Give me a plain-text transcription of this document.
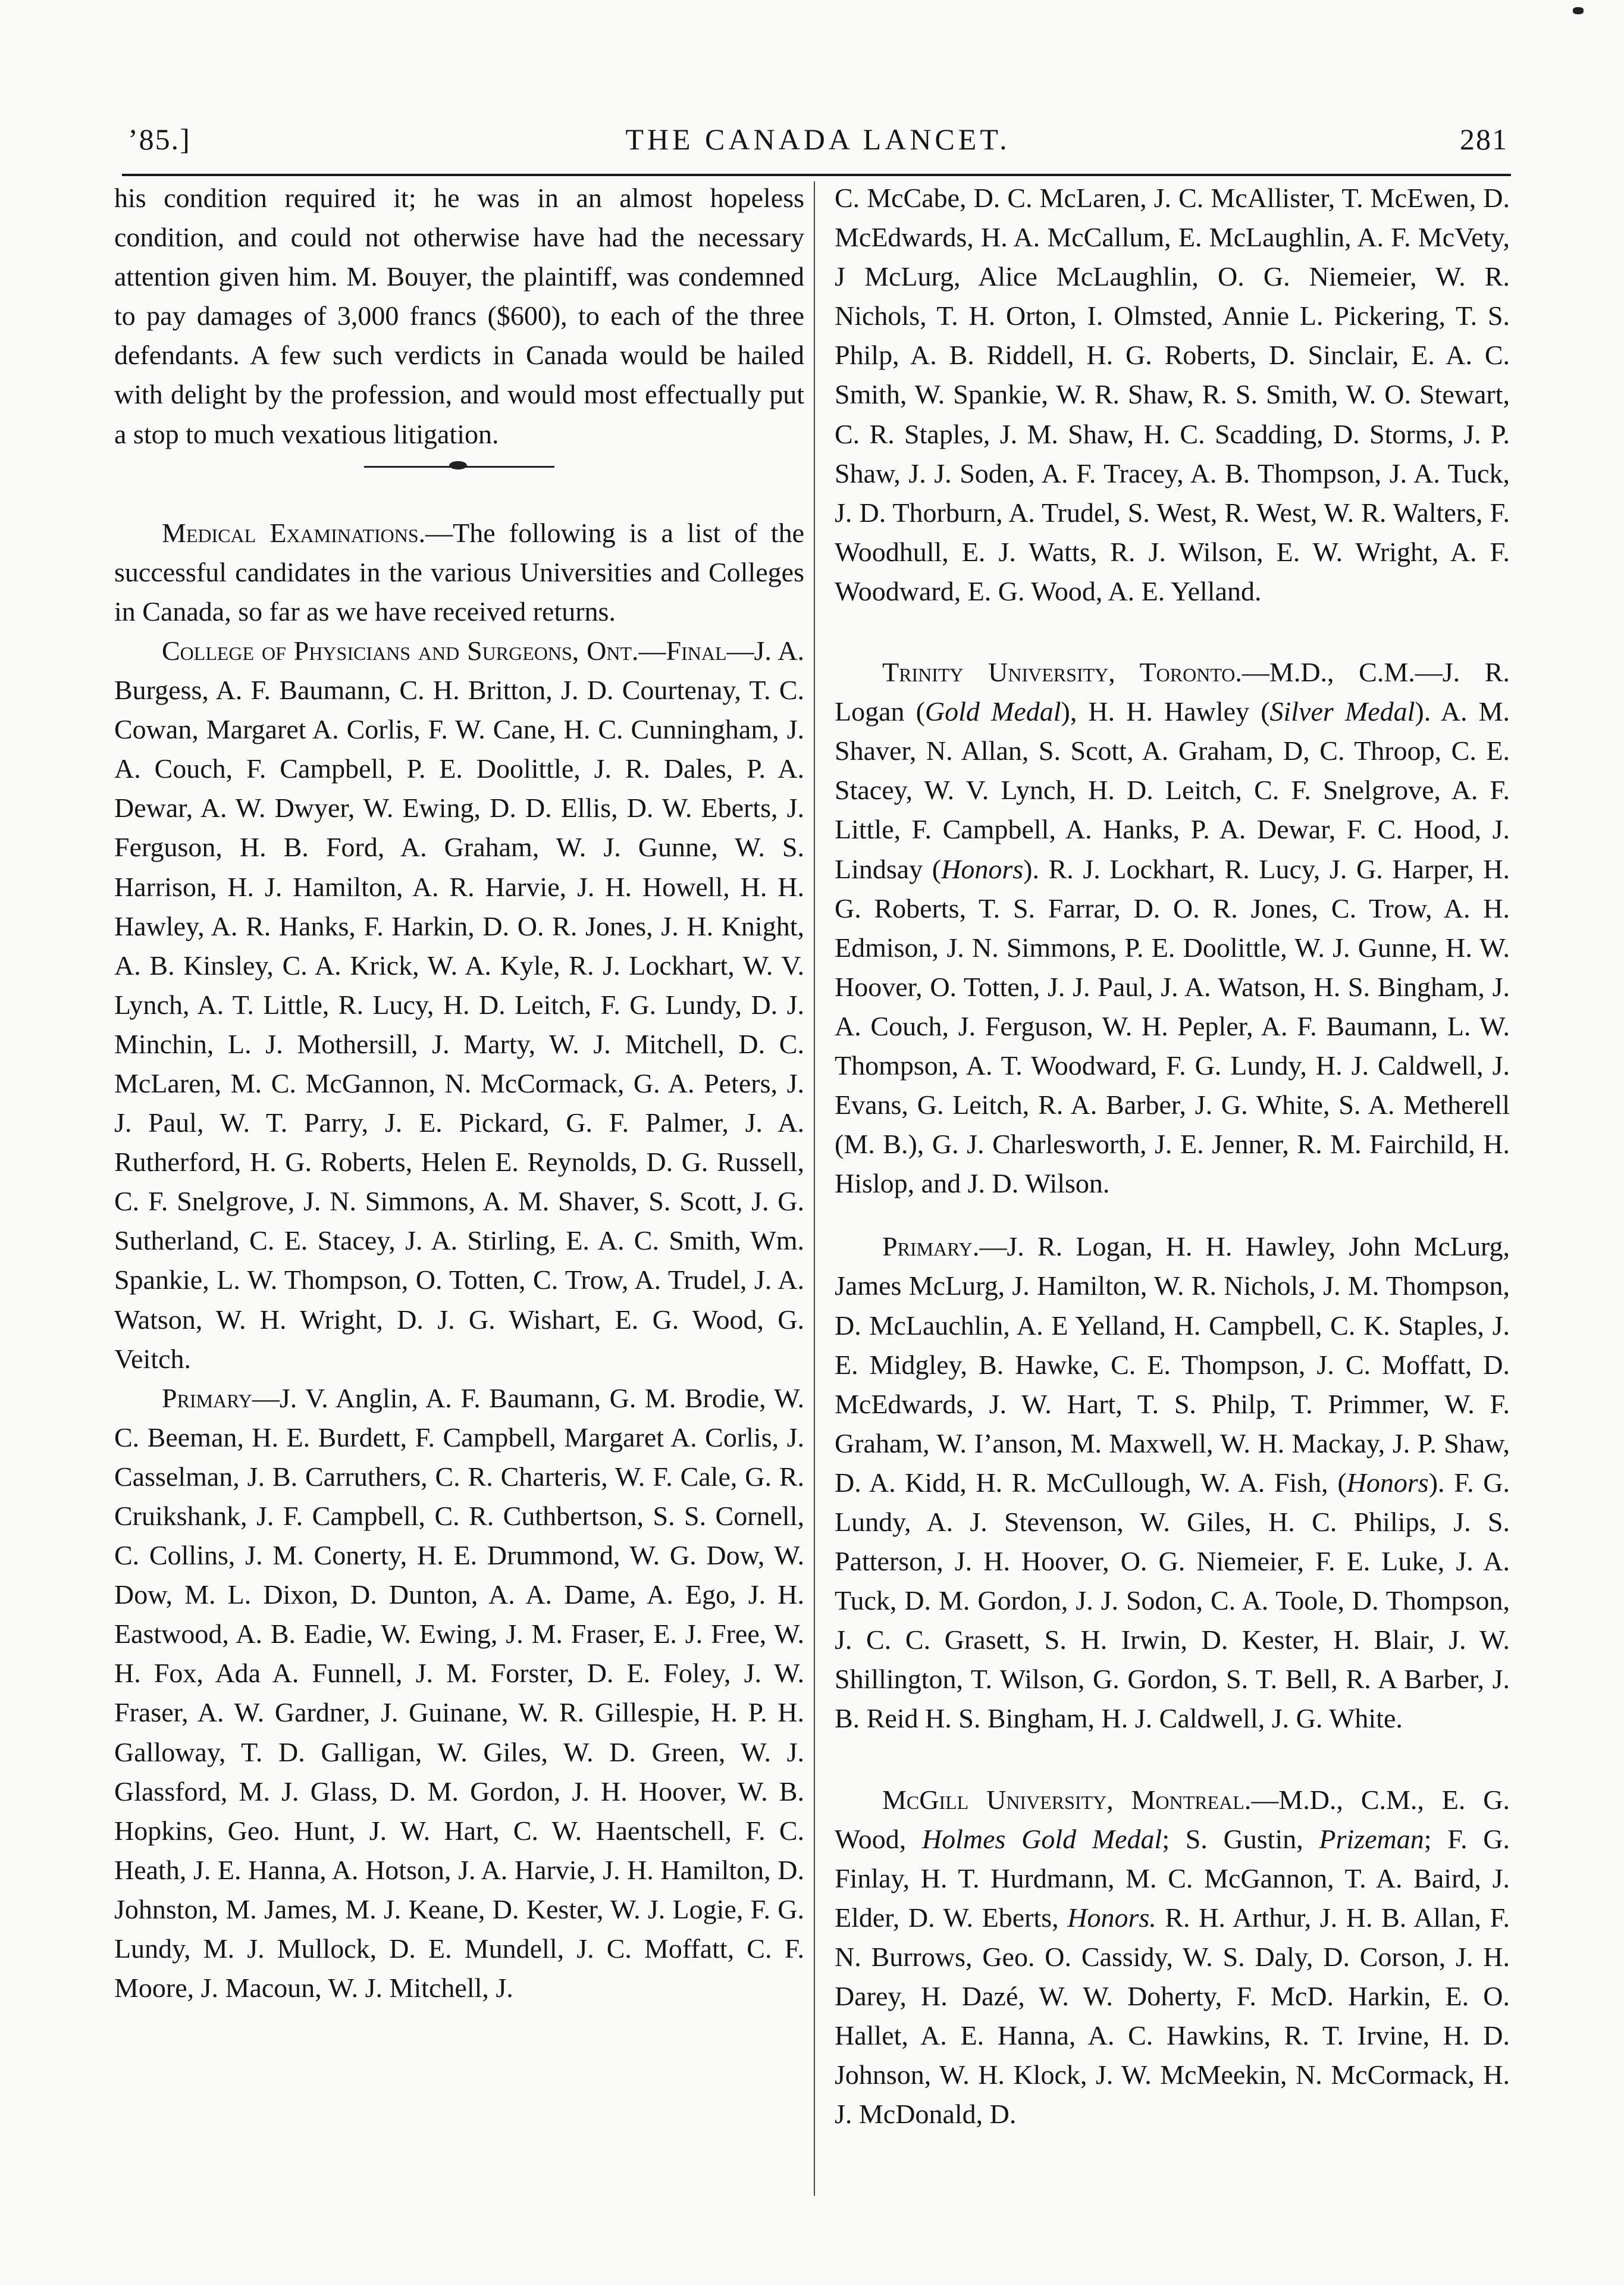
’85.]	THE CANADA LANCET.	281

his condition required it; he was in an almost hopeless condition, and could not otherwise have had the necessary attention given him. M. Bouyer, the plaintiff, was condemned to pay damages of 3,000 francs ($600), to each of the three defendants. A few such verdicts in Canada would be hailed with delight by the profession, and would most effectually put a stop to much vexatious litigation.

Medical Examinations.—The following is a list of the successful candidates in the various Universities and Colleges in Canada, so far as we have received returns.

College of Physicians and Surgeons, Ont.—Final—J. A. Burgess, A. F. Baumann, C. H. Britton, J. D. Courtenay, T. C. Cowan, Margaret A. Corlis, F. W. Cane, H. C. Cunningham, J. A. Couch, F. Campbell, P. E. Doolittle, J. R. Dales, P. A. Dewar, A. W. Dwyer, W. Ewing, D. D. Ellis, D. W. Eberts, J. Ferguson, H. B. Ford, A. Graham, W. J. Gunne, W. S. Harrison, H. J. Hamilton, A. R. Harvie, J. H. Howell, H. H. Hawley, A. R. Hanks, F. Harkin, D. O. R. Jones, J. H. Knight, A. B. Kinsley, C. A. Krick, W. A. Kyle, R. J. Lockhart, W. V. Lynch, A. T. Little, R. Lucy, H. D. Leitch, F. G. Lundy, D. J. Minchin, L. J. Mothersill, J. Marty, W. J. Mitchell, D. C. McLaren, M. C. McGannon, N. McCormack, G. A. Peters, J. J. Paul, W. T. Parry, J. E. Pickard, G. F. Palmer, J. A. Rutherford, H. G. Roberts, Helen E. Reynolds, D. G. Russell, C. F. Snelgrove, J. N. Simmons, A. M. Shaver, S. Scott, J. G. Sutherland, C. E. Stacey, J. A. Stirling, E. A. C. Smith, Wm. Spankie, L. W. Thompson, O. Totten, C. Trow, A. Trudel, J. A. Watson, W. H. Wright, D. J. G. Wishart, E. G. Wood, G. Veitch.

Primary—J. V. Anglin, A. F. Baumann, G. M. Brodie, W. C. Beeman, H. E. Burdett, F. Campbell, Margaret A. Corlis, J. Casselman, J. B. Carruthers, C. R. Charteris, W. F. Cale, G. R. Cruikshank, J. F. Campbell, C. R. Cuthbertson, S. S. Cornell, C. Collins, J. M. Conerty, H. E. Drummond, W. G. Dow, W. Dow, M. L. Dixon, D. Dunton, A. A. Dame, A. Ego, J. H. Eastwood, A. B. Eadie, W. Ewing, J. M. Fraser, E. J. Free, W. H. Fox, Ada A. Funnell, J. M. Forster, D. E. Foley, J. W. Fraser, A. W. Gardner, J. Guinane, W. R. Gillespie, H. P. H. Galloway, T. D. Galligan, W. Giles, W. D. Green, W. J. Glassford, M. J. Glass, D. M. Gordon, J. H. Hoover, W. B. Hopkins, Geo. Hunt, J. W. Hart, C. W. Haentschell, F. C. Heath, J. E. Hanna, A. Hotson, J. A. Harvie, J. H. Hamilton, D. Johnston, M. James, M. J. Keane, D. Kester, W. J. Logie, F. G. Lundy, M. J. Mullock, D. E. Mundell, J. C. Moffatt, C. F. Moore, J. Macoun, W. J. Mitchell, J.

C. McCabe, D. C. McLaren, J. C. McAllister, T. McEwen, D. McEdwards, H. A. McCallum, E. McLaughlin, A. F. McVety, J McLurg, Alice McLaughlin, O. G. Niemeier, W. R. Nichols, T. H. Orton, I. Olmsted, Annie L. Pickering, T. S. Philp, A. B. Riddell, H. G. Roberts, D. Sinclair, E. A. C. Smith, W. Spankie, W. R. Shaw, R. S. Smith, W. O. Stewart, C. R. Staples, J. M. Shaw, H. C. Scadding, D. Storms, J. P. Shaw, J. J. Soden, A. F. Tracey, A. B. Thompson, J. A. Tuck, J. D. Thorburn, A. Trudel, S. West, R. West, W. R. Walters, F. Woodhull, E. J. Watts, R. J. Wilson, E. W. Wright, A. F. Woodward, E. G. Wood, A. E. Yelland.

Trinity University, Toronto.—M.D., C.M.—J. R. Logan (Gold Medal), H. H. Hawley (Silver Medal). A. M. Shaver, N. Allan, S. Scott, A. Graham, D, C. Throop, C. E. Stacey, W. V. Lynch, H. D. Leitch, C. F. Snelgrove, A. F. Little, F. Campbell, A. Hanks, P. A. Dewar, F. C. Hood, J. Lindsay (Honors). R. J. Lockhart, R. Lucy, J. G. Harper, H. G. Roberts, T. S. Farrar, D. O. R. Jones, C. Trow, A. H. Edmison, J. N. Simmons, P. E. Doolittle, W. J. Gunne, H. W. Hoover, O. Totten, J. J. Paul, J. A. Watson, H. S. Bingham, J. A. Couch, J. Ferguson, W. H. Pepler, A. F. Baumann, L. W. Thompson, A. T. Woodward, F. G. Lundy, H. J. Caldwell, J. Evans, G. Leitch, R. A. Barber, J. G. White, S. A. Metherell (M. B.), G. J. Charlesworth, J. E. Jenner, R. M. Fairchild, H. Hislop, and J. D. Wilson.

Primary.—J. R. Logan, H. H. Hawley, John McLurg, James McLurg, J. Hamilton, W. R. Nichols, J. M. Thompson, D. McLauchlin, A. E Yelland, H. Campbell, C. K. Staples, J. E. Midgley, B. Hawke, C. E. Thompson, J. C. Moffatt, D. McEdwards, J. W. Hart, T. S. Philp, T. Primmer, W. F. Graham, W. I’anson, M. Maxwell, W. H. Mackay, J. P. Shaw, D. A. Kidd, H. R. McCullough, W. A. Fish, (Honors). F. G. Lundy, A. J. Stevenson, W. Giles, H. C. Philips, J. S. Patterson, J. H. Hoover, O. G. Niemeier, F. E. Luke, J. A. Tuck, D. M. Gordon, J. J. Sodon, C. A. Toole, D. Thompson, J. C. C. Grasett, S. H. Irwin, D. Kester, H. Blair, J. W. Shillington, T. Wilson, G. Gordon, S. T. Bell, R. A Barber, J. B. Reid H. S. Bingham, H. J. Caldwell, J. G. White.

McGill University, Montreal.—M.D., C.M., E. G. Wood, Holmes Gold Medal; S. Gustin, Prizeman; F. G. Finlay, H. T. Hurdmann, M. C. McGannon, T. A. Baird, J. Elder, D. W. Eberts, Honors. R. H. Arthur, J. H. B. Allan, F. N. Burrows, Geo. O. Cassidy, W. S. Daly, D. Corson, J. H. Darey, H. Dazé, W. W. Doherty, F. McD. Harkin, E. O. Hallet, A. E. Hanna, A. C. Hawkins, R. T. Irvine, H. D. Johnson, W. H. Klock, J. W. McMeekin, N. McCormack, H. J. McDonald, D.
